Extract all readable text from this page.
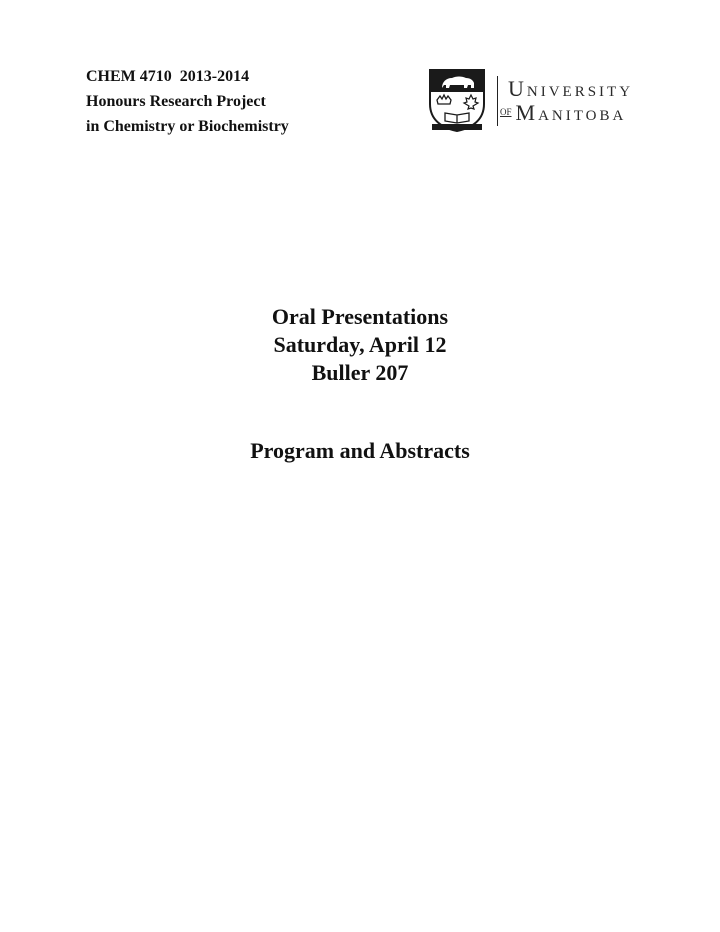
CHEM 4710  2013-2014
Honours Research Project
in Chemistry or Biochemistry
UNIVERSITY
OF MANITOBA
Oral Presentations
Saturday, April 12
Buller 207
Program and Abstracts
